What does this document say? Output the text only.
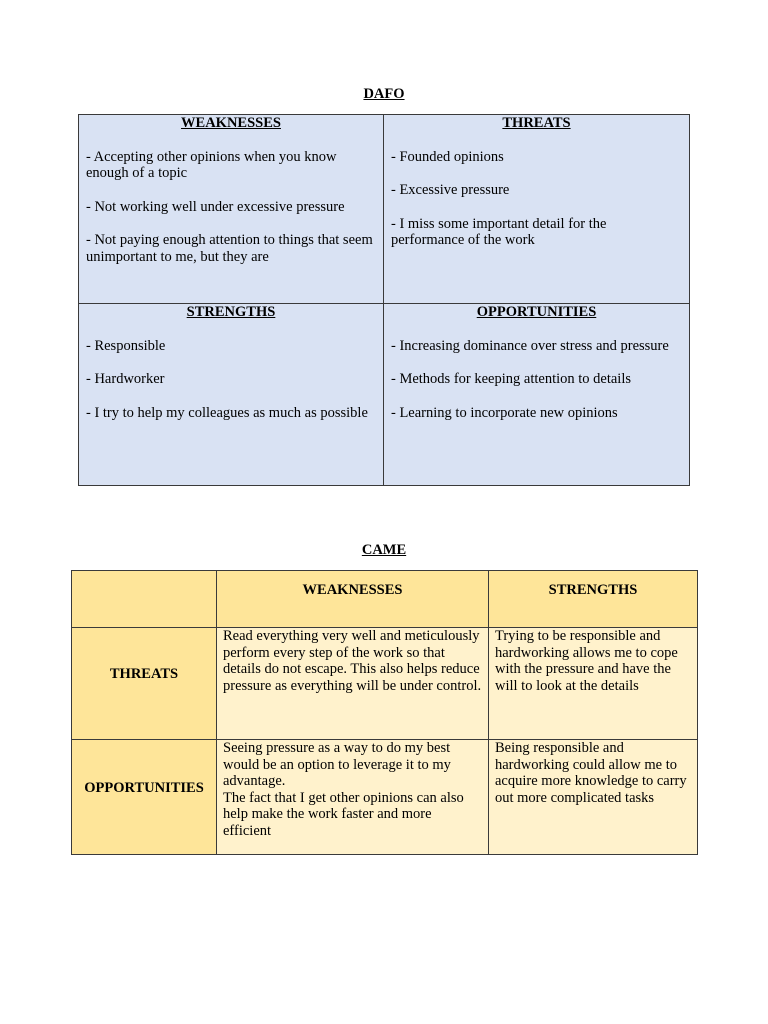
DAFO
WEAKNESSES
- Accepting other opinions when you know enough of a topic
- Not working well under excessive pressure
- Not paying enough attention to things that seem unimportant to me, but they are
THREATS
- Founded opinions
- Excessive pressure
- I miss some important detail for the performance of the work
STRENGTHS
- Responsible
- Hardworker
- I try to help my colleagues as much as possible
OPPORTUNITIES
- Increasing dominance over stress and pressure
- Methods for keeping attention to details
- Learning to incorporate new opinions
CAME
WEAKNESSES	STRENGTHS
THREATS

Read everything very well and meticulously perform every step of the work so that details do not escape. This also helps reduce pressure as everything will be under control.

Trying to be responsible and hardworking allows me to cope with the pressure and have the will to look at the details

OPPORTUNITIES

Seeing pressure as a way to do my best would be an option to leverage it to my advantage.

The fact that I get other opinions can also help make the work faster and more efficient

Being responsible and hardworking could allow me to acquire more knowledge to carry out more complicated tasks
